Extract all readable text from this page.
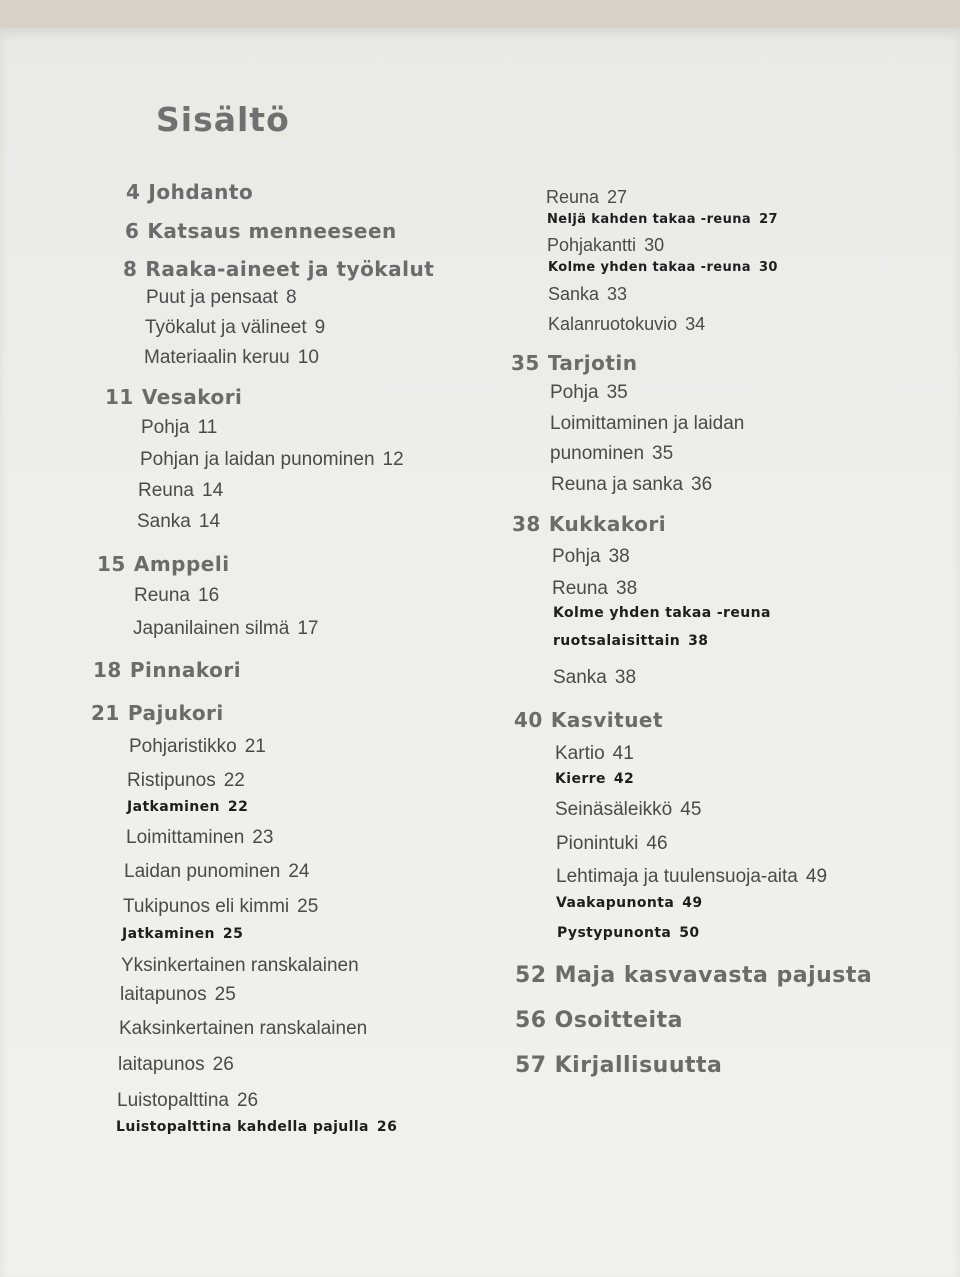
Sisältö
4 Johdanto
6 Katsaus menneeseen
8 Raaka-aineet ja työkalut
Puut ja pensaat 8
Työkalut ja välineet 9
Materiaalin keruu 10
11 Vesakori
Pohja 11
Pohjan ja laidan punominen 12
Reuna 14
Sanka 14
15 Amppeli
Reuna 16
Japanilainen silmä 17
18 Pinnakori
21 Pajukori
Pohjaristikko 21
Ristipunos 22
Jatkaminen 22
Loimittaminen 23
Laidan punominen 24
Tukipunos eli kimmi 25
Jatkaminen 25
Yksinkertainen ranskalainen
laitapunos 25
Kaksinkertainen ranskalainen
laitapunos 26
Luistopalttina 26
Luistopalttina kahdella pajulla 26
Reuna 27
Neljä kahden takaa -reuna 27
Pohjakantti 30
Kolme yhden takaa -reuna 30
Sanka 33
Kalanruotokuvio 34
35 Tarjotin
Pohja 35
Loimittaminen ja laidan
punominen 35
Reuna ja sanka 36
38 Kukkakori
Pohja 38
Reuna 38
Kolme yhden takaa -reuna
ruotsalaisittain 38
Sanka 38
40 Kasvituet
Kartio 41
Kierre 42
Seinäsäleikkö 45
Pionintuki 46
Lehtimaja ja tuulensuoja-aita 49
Vaakapunonta 49
Pystypunonta 50
52 Maja kasvavasta pajusta
56 Osoitteita
57 Kirjallisuutta
